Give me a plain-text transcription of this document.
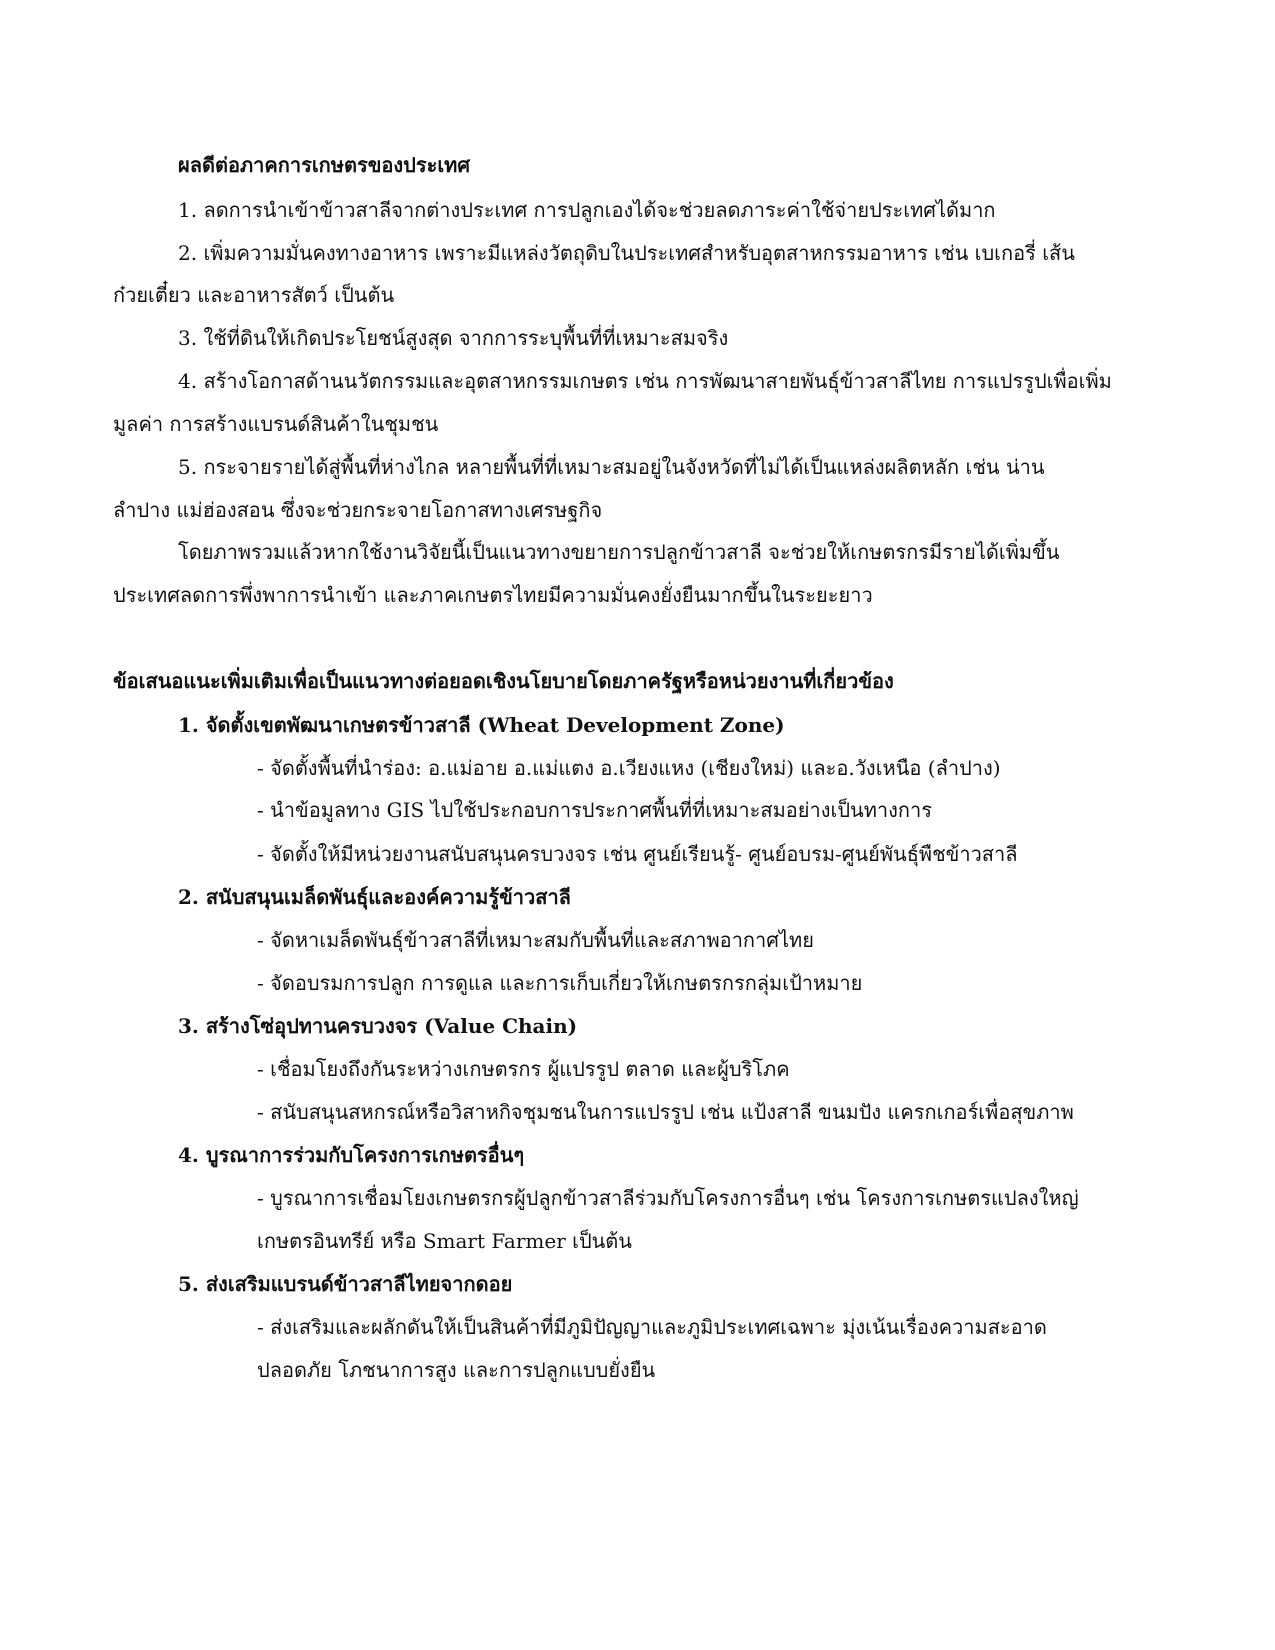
ผลดีต่อภาคการเกษตรของประเทศ
1. ลดการนำเข้าข้าวสาลีจากต่างประเทศ การปลูกเองได้จะช่วยลดภาระค่าใช้จ่ายประเทศได้มาก
2. เพิ่มความมั่นคงทางอาหาร เพราะมีแหล่งวัตถุดิบในประเทศสำหรับอุตสาหกรรมอาหาร เช่น เบเกอรี่ เส้น
ก๋วยเตี๋ยว และอาหารสัตว์ เป็นต้น
3. ใช้ที่ดินให้เกิดประโยชน์สูงสุด จากการระบุพื้นที่ที่เหมาะสมจริง
4. สร้างโอกาสด้านนวัตกรรมและอุตสาหกรรมเกษตร เช่น การพัฒนาสายพันธุ์ข้าวสาลีไทย การแปรรูปเพื่อเพิ่ม
มูลค่า การสร้างแบรนด์สินค้าในชุมชน
5. กระจายรายได้สู่พื้นที่ห่างไกล หลายพื้นที่ที่เหมาะสมอยู่ในจังหวัดที่ไม่ได้เป็นแหล่งผลิตหลัก เช่น น่าน
ลำปาง แม่ฮ่องสอน ซึ่งจะช่วยกระจายโอกาสทางเศรษฐกิจ
โดยภาพรวมแล้วหากใช้งานวิจัยนี้เป็นแนวทางขยายการปลูกข้าวสาลี จะช่วยให้เกษตรกรมีรายได้เพิ่มขึ้น
ประเทศลดการพึ่งพาการนำเข้า และภาคเกษตรไทยมีความมั่นคงยั่งยืนมากขึ้นในระยะยาว
ข้อเสนอแนะเพิ่มเติมเพื่อเป็นแนวทางต่อยอดเชิงนโยบายโดยภาครัฐหรือหน่วยงานที่เกี่ยวข้อง
1. จัดตั้งเขตพัฒนาเกษตรข้าวสาลี (Wheat Development Zone)
- จัดตั้งพื้นที่นำร่อง: อ.แม่อาย อ.แม่แตง อ.เวียงแหง (เชียงใหม่) และอ.วังเหนือ (ลำปาง)
- นำข้อมูลทาง GIS ไปใช้ประกอบการประกาศพื้นที่ที่เหมาะสมอย่างเป็นทางการ
- จัดตั้งให้มีหน่วยงานสนับสนุนครบวงจร เช่น ศูนย์เรียนรู้- ศูนย์อบรม-ศูนย์พันธุ์พืชข้าวสาลี
2. สนับสนุนเมล็ดพันธุ์และองค์ความรู้ข้าวสาลี
- จัดหาเมล็ดพันธุ์ข้าวสาลีที่เหมาะสมกับพื้นที่และสภาพอากาศไทย
- จัดอบรมการปลูก การดูแล และการเก็บเกี่ยวให้เกษตรกรกลุ่มเป้าหมาย
3. สร้างโซ่อุปทานครบวงจร (Value Chain)
- เชื่อมโยงถึงกันระหว่างเกษตรกร ผู้แปรรูป ตลาด และผู้บริโภค
- สนับสนุนสหกรณ์หรือวิสาหกิจชุมชนในการแปรรูป เช่น แป้งสาลี ขนมปัง แครกเกอร์เพื่อสุขภาพ
4. บูรณาการร่วมกับโครงการเกษตรอื่นๆ
- บูรณาการเชื่อมโยงเกษตรกรผู้ปลูกข้าวสาลีร่วมกับโครงการอื่นๆ เช่น โครงการเกษตรแปลงใหญ่
เกษตรอินทรีย์ หรือ Smart Farmer เป็นต้น
5. ส่งเสริมแบรนด์ข้าวสาลีไทยจากดอย
- ส่งเสริมและผลักดันให้เป็นสินค้าที่มีภูมิปัญญาและภูมิประเทศเฉพาะ มุ่งเน้นเรื่องความสะอาด
ปลอดภัย โภชนาการสูง และการปลูกแบบยั่งยืน
